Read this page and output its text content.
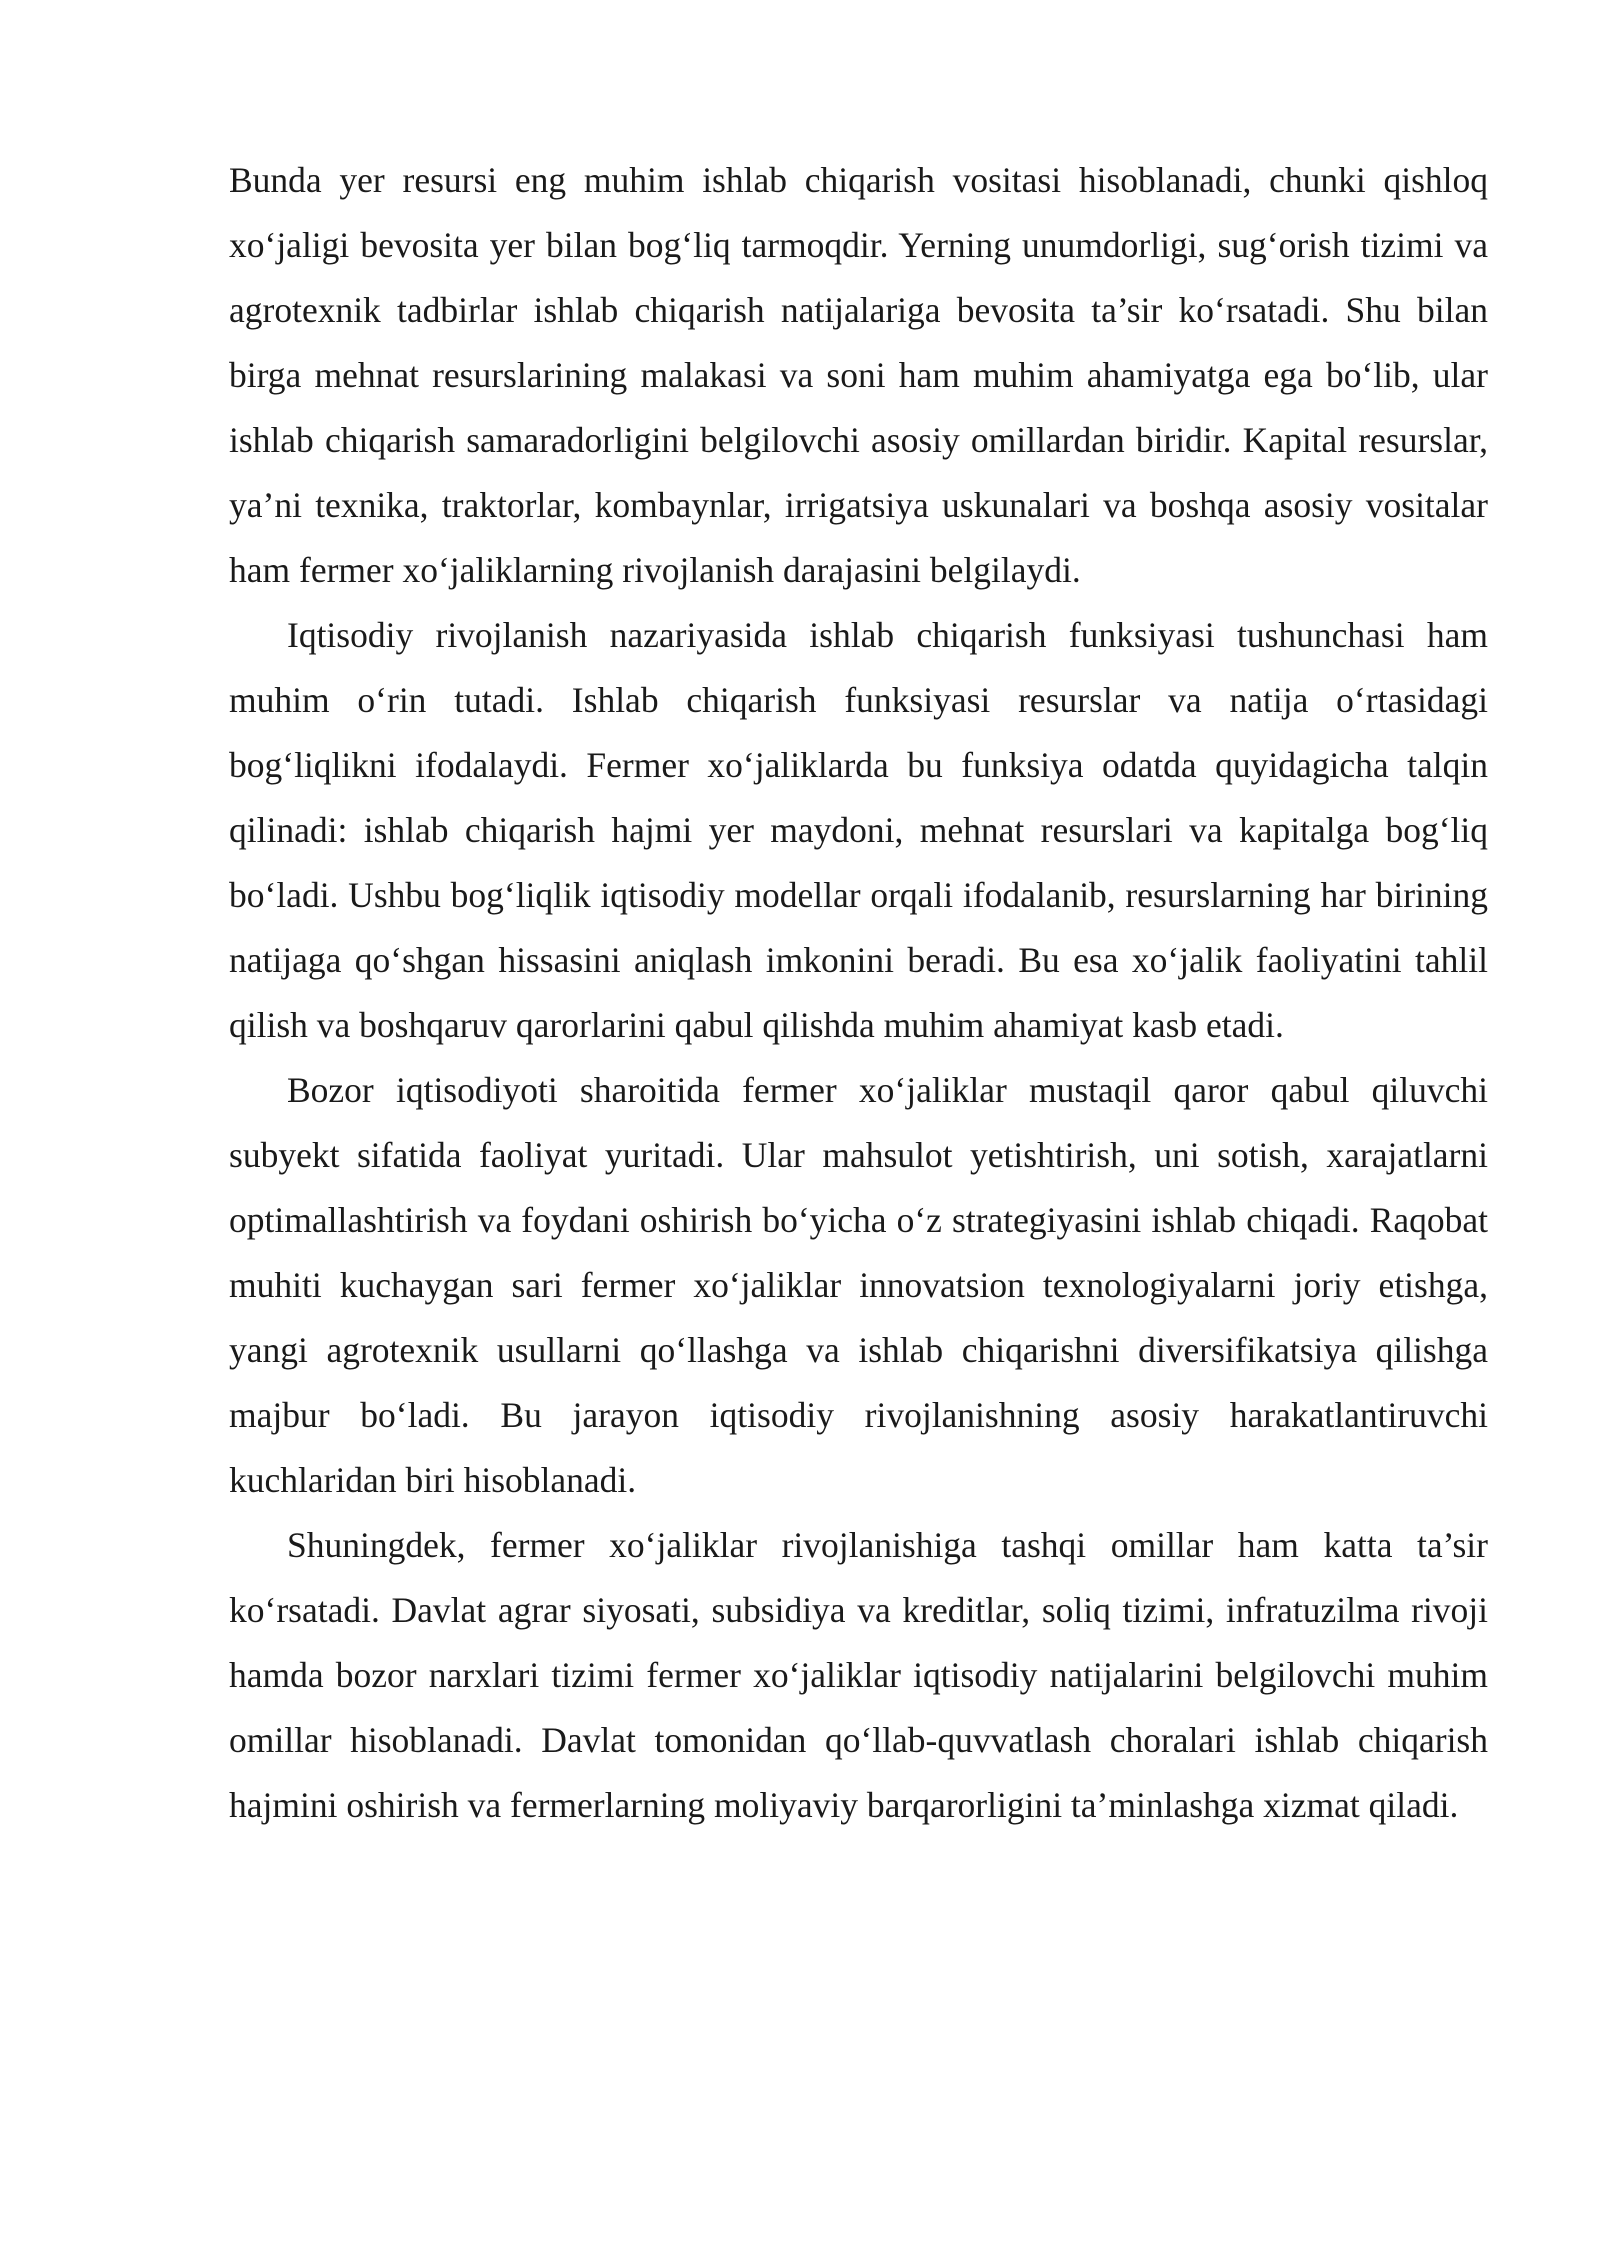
Bunda yer resursi eng muhim ishlab chiqarish vositasi hisoblanadi, chunki qishloq xo‘jaligi bevosita yer bilan bog‘liq tarmoqdir. Yerning unumdorligi, sug‘orish tizimi va agrotexnik tadbirlar ishlab chiqarish natijalariga bevosita ta’sir ko‘rsatadi. Shu bilan birga mehnat resurslarining malakasi va soni ham muhim ahamiyatga ega bo‘lib, ular ishlab chiqarish samaradorligini belgilovchi asosiy omillardan biridir. Kapital resurslar, ya’ni texnika, traktorlar, kombaynlar, irrigatsiya uskunalari va boshqa asosiy vositalar ham fermer xo‘jaliklarning rivojlanish darajasini belgilaydi.

Iqtisodiy rivojlanish nazariyasida ishlab chiqarish funksiyasi tushunchasi ham muhim o‘rin tutadi. Ishlab chiqarish funksiyasi resurslar va natija o‘rtasidagi bog‘liqlikni ifodalaydi. Fermer xo‘jaliklarda bu funksiya odatda quyidagicha talqin qilinadi: ishlab chiqarish hajmi yer maydoni, mehnat resurslari va kapitalga bog‘liq bo‘ladi. Ushbu bog‘liqlik iqtisodiy modellar orqali ifodalanib, resurslarning har birining natijaga qo‘shgan hissasini aniqlash imkonini beradi. Bu esa xo‘jalik faoliyatini tahlil qilish va boshqaruv qarorlarini qabul qilishda muhim ahamiyat kasb etadi.

Bozor iqtisodiyoti sharoitida fermer xo‘jaliklar mustaqil qaror qabul qiluvchi subyekt sifatida faoliyat yuritadi. Ular mahsulot yetishtirish, uni sotish, xarajatlarni optimallashtirish va foydani oshirish bo‘yicha o‘z strategiyasini ishlab chiqadi. Raqobat muhiti kuchaygan sari fermer xo‘jaliklar innovatsion texnologiyalarni joriy etishga, yangi agrotexnik usullarni qo‘llashga va ishlab chiqarishni diversifikatsiya qilishga majbur bo‘ladi. Bu jarayon iqtisodiy rivojlanishning asosiy harakatlantiruvchi kuchlaridan biri hisoblanadi.

Shuningdek, fermer xo‘jaliklar rivojlanishiga tashqi omillar ham katta ta’sir ko‘rsatadi. Davlat agrar siyosati, subsidiya va kreditlar, soliq tizimi, infratuzilma rivoji hamda bozor narxlari tizimi fermer xo‘jaliklar iqtisodiy natijalarini belgilovchi muhim omillar hisoblanadi. Davlat tomonidan qo‘llab-quvvatlash choralari ishlab chiqarish hajmini oshirish va fermerlarning moliyaviy barqarorligini ta’minlashga xizmat qiladi.
